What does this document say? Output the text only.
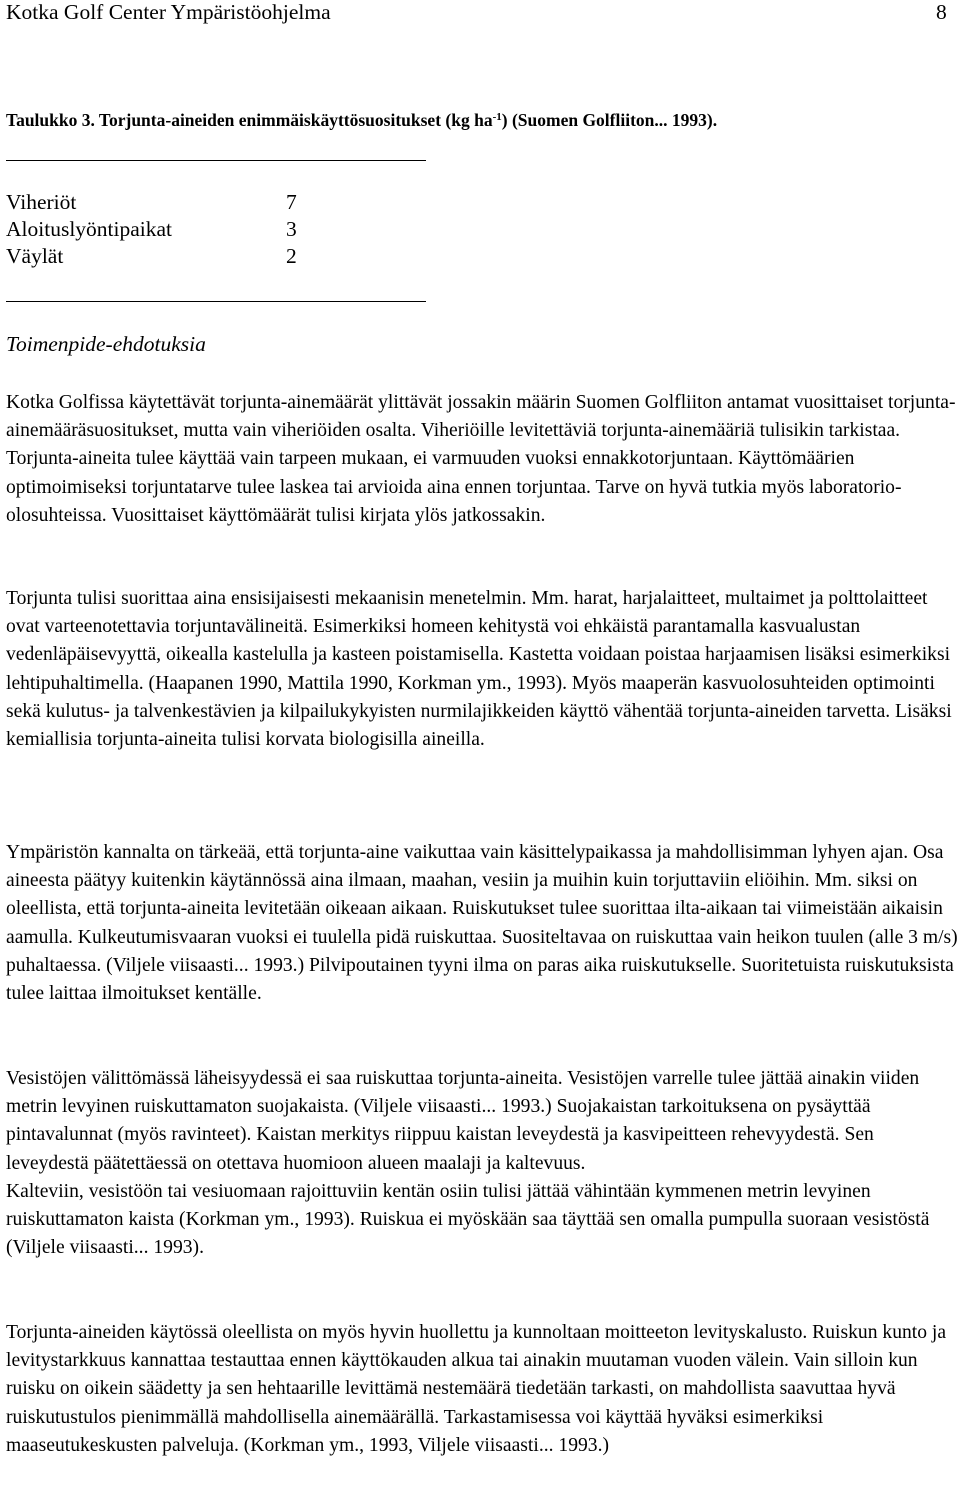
Kotka Golf Center Ympäristöohjelma	8
Taulukko 3. Torjunta-aineiden enimmäiskäyttösuositukset (kg $ha^{-1}$) (Suomen Golfliiton... 1993).
Viheriöt	7
Aloituslyöntipaikat	3
Väylät	2
Toimenpide-ehdotuksia

Kotka Golfissa käytettävät torjunta-ainemäärät ylittävät jossakin määrin Suomen Golfliiton antamat vuosittaiset torjunta-ainemääräsuositukset, mutta vain viheriöiden osalta. Viheriöille levitettäviä torjunta-ainemääriä tulisikin tarkistaa. Torjunta-aineita tulee käyttää vain tarpeen mukaan, ei varmuuden vuoksi ennakkotorjuntaan. Käyttömäärien optimoimiseksi torjuntatarve tulee laskea tai arvioida aina ennen torjuntaa. Tarve on hyvä tutkia myös laboratorio-olosuhteissa. Vuosittaiset käyttömäärät tulisi kirjata ylös jatkossakin.

Torjunta tulisi suorittaa aina ensisijaisesti mekaanisin menetelmin. Mm. harat, harjalaitteet, multaimet ja polttolaitteet ovat varteenotettavia torjuntavälineitä. Esimerkiksi homeen kehitystä voi ehkäistä parantamalla kasvualustan vedenläpäisevyyttä, oikealla kastelulla ja kasteen poistamisella. Kastetta voidaan poistaa harjaamisen lisäksi esimerkiksi lehtipuhaltimella. (Haapanen 1990, Mattila 1990, Korkman ym., 1993). Myös maaperän kasvuolosuhteiden optimointi sekä kulutus- ja talvenkestävien ja kilpailukykyisten nurmilajikkeiden käyttö vähentää torjunta-aineiden tarvetta. Lisäksi kemiallisia torjunta-aineita tulisi korvata biologisilla aineilla.

Ympäristön kannalta on tärkeää, että torjunta-aine vaikuttaa vain käsittelypaikassa ja mahdollisimman lyhyen ajan. Osa aineesta päätyy kuitenkin käytännössä aina ilmaan, maahan, vesiin ja muihin kuin torjuttaviin eliöihin. Mm. siksi on oleellista, että torjunta-aineita levitetään oikeaan aikaan. Ruiskutukset tulee suorittaa ilta-aikaan tai viimeistään aikaisin aamulla. Kulkeutumisvaaran vuoksi ei tuulella pidä ruiskuttaa. Suositeltavaa on ruiskuttaa vain heikon tuulen (alle 3 m/s) puhaltaessa. (Viljele viisaasti... 1993.) Pilvipoutainen tyyni ilma on paras aika ruiskutukselle. Suoritetuista ruiskutuksista tulee laittaa ilmoitukset kentälle.

Vesistöjen välittömässä läheisyydessä ei saa ruiskuttaa torjunta-aineita. Vesistöjen varrelle tulee jättää ainakin viiden metrin levyinen ruiskuttamaton suojakaista. (Viljele viisaasti... 1993.) Suojakaistan tarkoituksena on pysäyttää pintavalunnat (myös ravinteet). Kaistan merkitys riippuu kaistan leveydestä ja kasvipeitteen rehevyydestä. Sen leveydestä päätettäessä on otettava huomioon alueen maalaji ja kaltevuus.
Kalteviin, vesistöön tai vesiuomaan rajoittuviin kentän osiin tulisi jättää vähintään kymmenen metrin levyinen ruiskuttamaton kaista (Korkman ym., 1993). Ruiskua ei myöskään saa täyttää sen omalla pumpulla suoraan vesistöstä (Viljele viisaasti... 1993).

Torjunta-aineiden käytössä oleellista on myös hyvin huollettu ja kunnoltaan moitteeton levityskalusto. Ruiskun kunto ja levitystarkkuus kannattaa testauttaa ennen käyttökauden alkua tai ainakin muutaman vuoden välein. Vain silloin kun ruisku on oikein säädetty ja sen hehtaarille levittämä nestemäärä tiedetään tarkasti, on mahdollista saavuttaa hyvä ruiskutustulos pienimmällä mahdollisella ainemäärällä. Tarkastamisessa voi käyttää hyväksi esimerkiksi maaseutukeskusten palveluja. (Korkman ym., 1993, Viljele viisaasti... 1993.)
